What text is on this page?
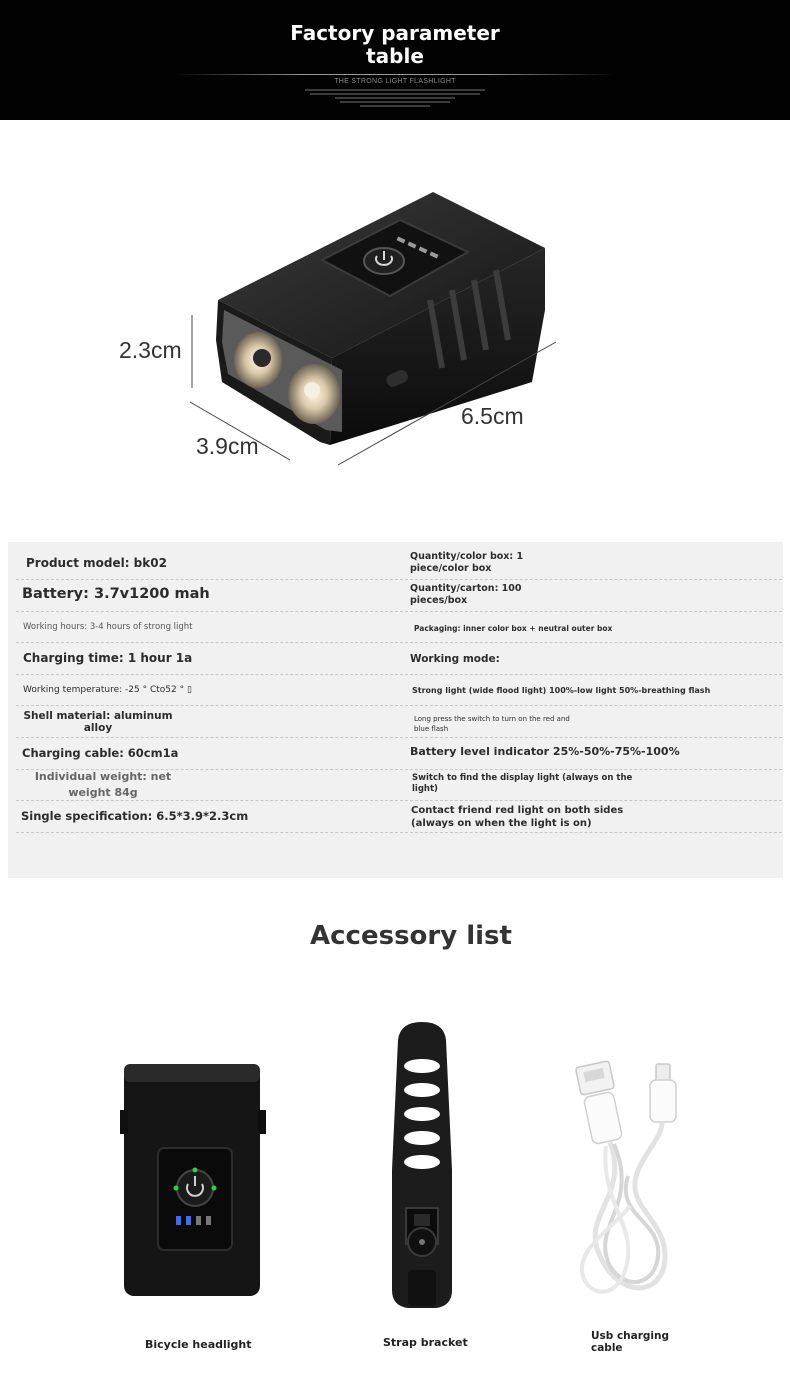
Factory parameter table
THE STRONG LIGHT FLASHLIGHT
2.3cm
3.9cm
6.5cm
Product model: bk02
Battery: 3.7v1200 mah
Working hours: 3-4 hours of strong light
Charging time: 1 hour 1a
Working temperature: -25 ° Cto52 ° ▯
Shell material: aluminum alloy
Charging cable: 60cm1a
Individual weight: net weight 84g
Single specification: 6.5*3.9*2.3cm
Quantity/color box: 1 piece/color box
Quantity/carton: 100 pieces/box
Packaging: inner color box + neutral outer box
Working mode:
Strong light (wide flood light) 100%-low light 50%-breathing flash
Long press the switch to turn on the red and blue flash
Battery level indicator 25%-50%-75%-100%
Switch to find the display light (always on the light)
Contact friend red light on both sides (always on when the light is on)
Accessory list
Bicycle headlight	Strap bracket	Usb charging cable
